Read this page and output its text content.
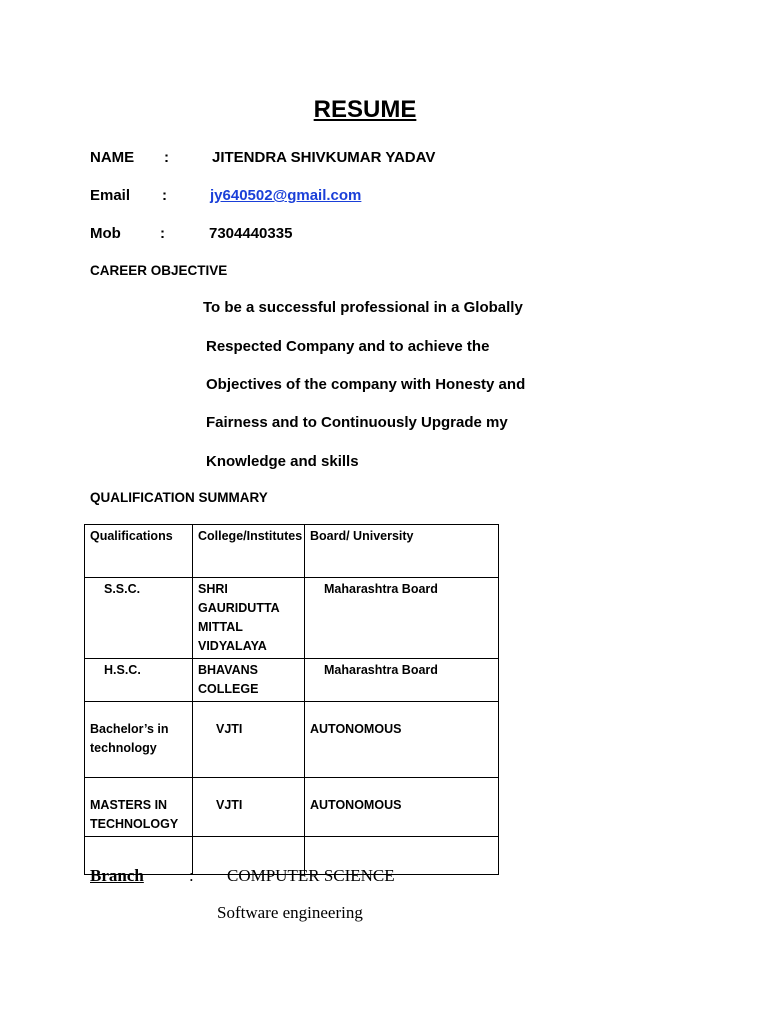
RESUME
NAME :	JITENDRA SHIVKUMAR YADAV
Email :	jy640502@gmail.com
Mob	:	7304440335
CAREER OBJECTIVE
To be a successful professional in a Globally
Respected Company and to achieve the
Objectives of the company with Honesty and
Fairness and to Continuously Upgrade my
Knowledge and skills
QUALIFICATION SUMMARY
Qualifications	College/Institutes	Board/ University
S.S.C.	SHRI GAURIDUTTA MITTAL VIDYALAYA	Maharashtra Board
H.S.C.	BHAVANS COLLEGE	Maharashtra Board
Bachelor’s in technology	VJTI	AUTONOMOUS
MASTERS IN TECHNOLOGY	VJTI	AUTONOMOUS

Branch	: COMPUTER SCIENCE
Software engineering
